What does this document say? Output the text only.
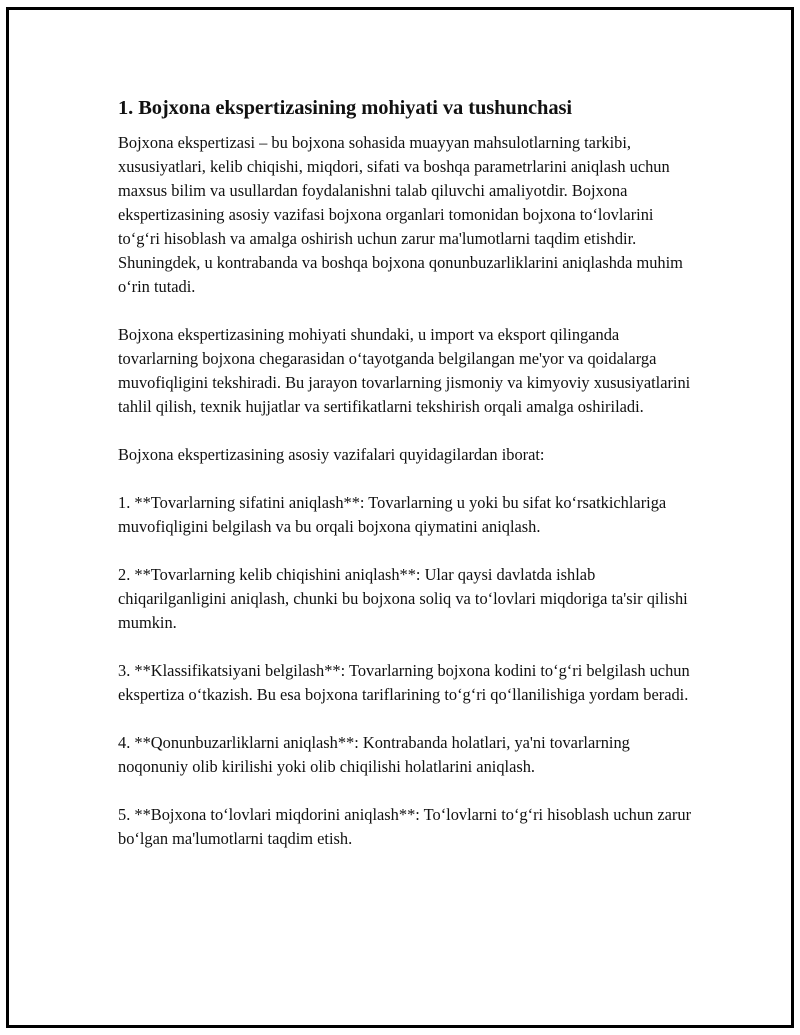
1. Bojxona ekspertizasining mohiyati va tushunchasi

Bojxona ekspertizasi – bu bojxona sohasida muayyan mahsulotlarning tarkibi, xususiyatlari, kelib chiqishi, miqdori, sifati va boshqa parametrlarini aniqlash uchun maxsus bilim va usullardan foydalanishni talab qiluvchi amaliyotdir. Bojxona ekspertizasining asosiy vazifasi bojxona organlari tomonidan bojxona to‘lovlarini to‘g‘ri hisoblash va amalga oshirish uchun zarur ma'lumotlarni taqdim etishdir. Shuningdek, u kontrabanda va boshqa bojxona qonunbuzarliklarini aniqlashda muhim o‘rin tutadi.

Bojxona ekspertizasining mohiyati shundaki, u import va eksport qilinganda tovarlarning bojxona chegarasidan o‘tayotganda belgilangan me'yor va qoidalarga muvofiqligini tekshiradi. Bu jarayon tovarlarning jismoniy va kimyoviy xususiyatlarini tahlil qilish, texnik hujjatlar va sertifikatlarni tekshirish orqali amalga oshiriladi.

Bojxona ekspertizasining asosiy vazifalari quyidagilardan iborat:

1. **Tovarlarning sifatini aniqlash**: Tovarlarning u yoki bu sifat ko‘rsatkichlariga muvofiqligini belgilash va bu orqali bojxona qiymatini aniqlash.

2. **Tovarlarning kelib chiqishini aniqlash**: Ular qaysi davlatda ishlab chiqarilganligini aniqlash, chunki bu bojxona soliq va to‘lovlari miqdoriga ta'sir qilishi mumkin.

3. **Klassifikatsiyani belgilash**: Tovarlarning bojxona kodini to‘g‘ri belgilash uchun ekspertiza o‘tkazish. Bu esa bojxona tariflarining to‘g‘ri qo‘llanilishiga yordam beradi.

4. **Qonunbuzarliklarni aniqlash**: Kontrabanda holatlari, ya'ni tovarlarning noqonuniy olib kirilishi yoki olib chiqilishi holatlarini aniqlash.

5. **Bojxona to‘lovlari miqdorini aniqlash**: To‘lovlarni to‘g‘ri hisoblash uchun zarur bo‘lgan ma'lumotlarni taqdim etish.
